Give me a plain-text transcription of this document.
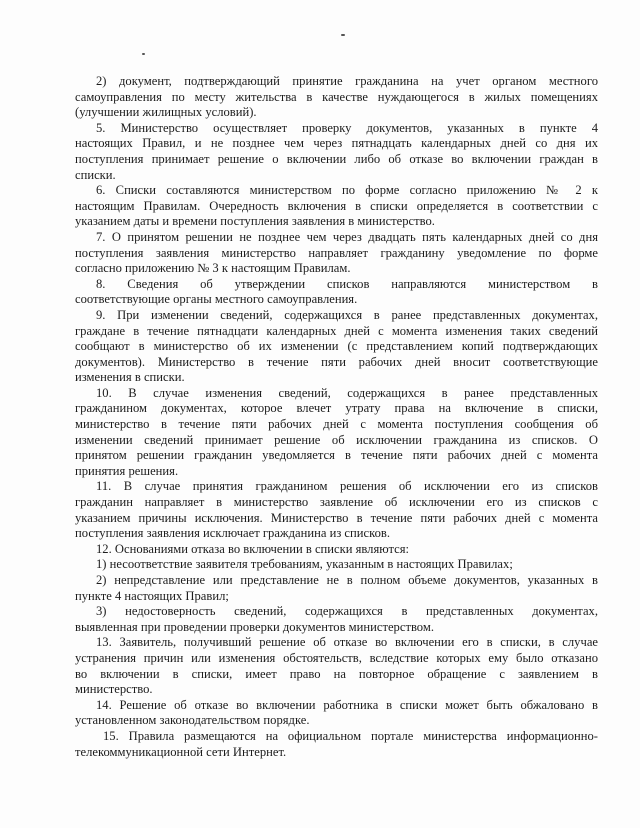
2) документ, подтверждающий принятие гражданина на учет органом местного
самоуправления по месту жительства в качестве нуждающегося в жилых помещениях
(улучшении жилищных условий).
5. Министерство осуществляет проверку документов, указанных в пункте 4
настоящих Правил, и не позднее чем через пятнадцать календарных дней со дня их
поступления принимает решение о включении либо об отказе во включении граждан в
списки.
6. Списки составляются министерством по форме согласно приложению № 2 к
настоящим Правилам. Очередность включения в списки определяется в соответствии с
указанием даты и времени поступления заявления в министерство.
7. О принятом решении не позднее чем через двадцать пять календарных дней со дня
поступления заявления министерство направляет гражданину уведомление по форме
согласно приложению № 3 к настоящим Правилам.
8. Сведения об утверждении списков направляются министерством в
соответствующие органы местного самоуправления.
9. При изменении сведений, содержащихся в ранее представленных документах,
граждане в течение пятнадцати календарных дней с момента изменения таких сведений
сообщают в министерство об их изменении (с представлением копий подтверждающих
документов). Министерство в течение пяти рабочих дней вносит соответствующие
изменения в списки.
10. В случае изменения сведений, содержащихся в ранее представленных
гражданином документах, которое влечет утрату права на включение в списки,
министерство в течение пяти рабочих дней с момента поступления сообщения об
изменении сведений принимает решение об исключении гражданина из списков. О
принятом решении гражданин уведомляется в течение пяти рабочих дней с момента
принятия решения.
11. В случае принятия гражданином решения об исключении его из списков
гражданин направляет в министерство заявление об исключении его из списков с
указанием причины исключения. Министерство в течение пяти рабочих дней с момента
поступления заявления исключает гражданина из списков.
12. Основаниями отказа во включении в списки являются:
1) несоответствие заявителя требованиям, указанным в настоящих Правилах;
2) непредставление или представление не в полном объеме документов, указанных в
пункте 4 настоящих Правил;
3) недостоверность сведений, содержащихся в представленных документах,
выявленная при проведении проверки документов министерством.
13. Заявитель, получивший решение об отказе во включении его в списки, в случае
устранения причин или изменения обстоятельств, вследствие которых ему было отказано
во включении в списки, имеет право на повторное обращение с заявлением в
министерство.
14. Решение об отказе во включении работника в списки может быть обжаловано в
установленном законодательством порядке.
15. Правила размещаются на официальном портале министерства информационно-
телекоммуникационной сети Интернет.
